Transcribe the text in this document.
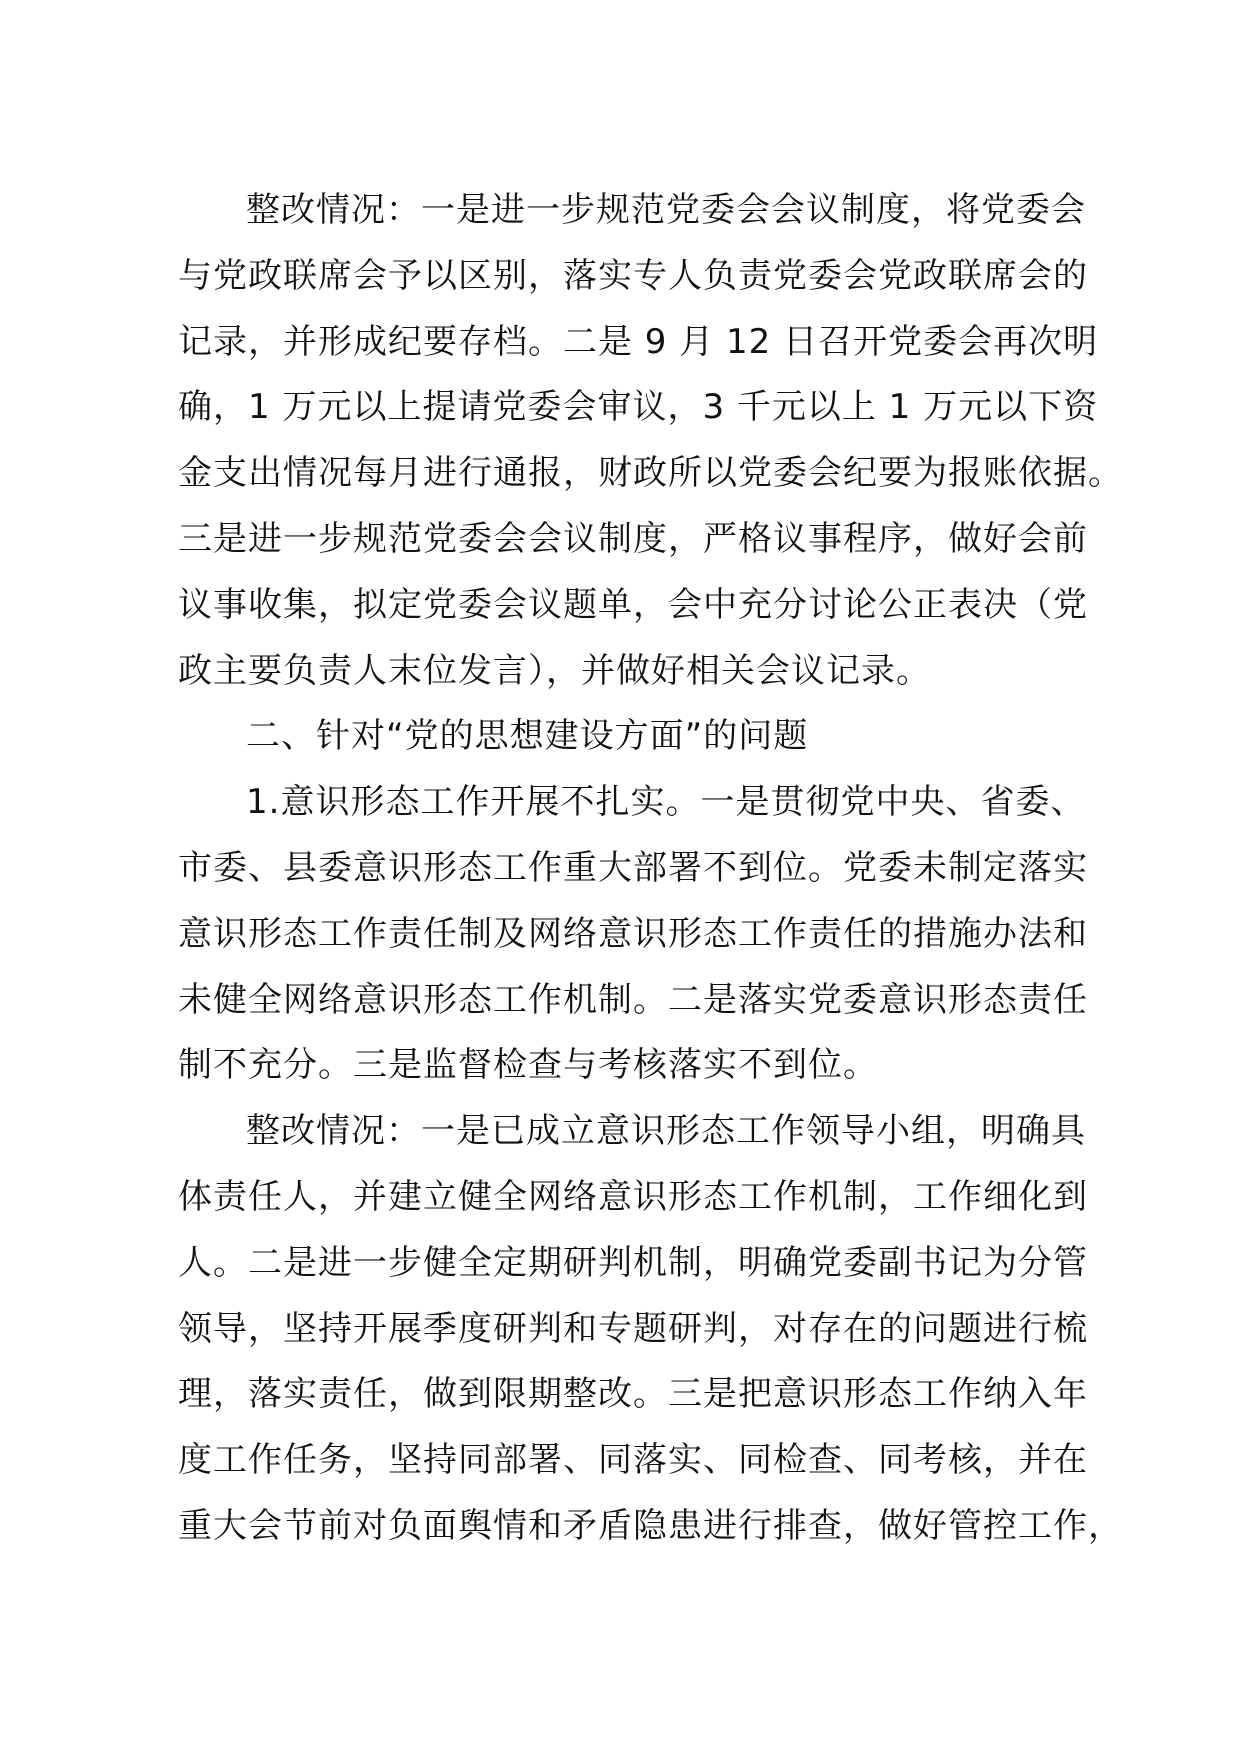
整改情况：一是进一步规范党委会会议制度，将党委会
与党政联席会予以区别，落实专人负责党委会党政联席会的
记录，并形成纪要存档。二是 9 月 12 日召开党委会再次明
确，1 万元以上提请党委会审议，3 千元以上 1 万元以下资
金支出情况每月进行通报，财政所以党委会纪要为报账依据。
三是进一步规范党委会会议制度，严格议事程序，做好会前
议事收集，拟定党委会议题单，会中充分讨论公正表决（党
政主要负责人末位发言），并做好相关会议记录。
二、针对“党的思想建设方面”的问题
1.意识形态工作开展不扎实。一是贯彻党中央、省委、
市委、县委意识形态工作重大部署不到位。党委未制定落实
意识形态工作责任制及网络意识形态工作责任的措施办法和
未健全网络意识形态工作机制。二是落实党委意识形态责任
制不充分。三是监督检查与考核落实不到位。
整改情况：一是已成立意识形态工作领导小组，明确具
体责任人，并建立健全网络意识形态工作机制，工作细化到
人。二是进一步健全定期研判机制，明确党委副书记为分管
领导，坚持开展季度研判和专题研判，对存在的问题进行梳
理，落实责任，做到限期整改。三是把意识形态工作纳入年
度工作任务，坚持同部署、同落实、同检查、同考核，并在
重大会节前对负面舆情和矛盾隐患进行排查，做好管控工作，
